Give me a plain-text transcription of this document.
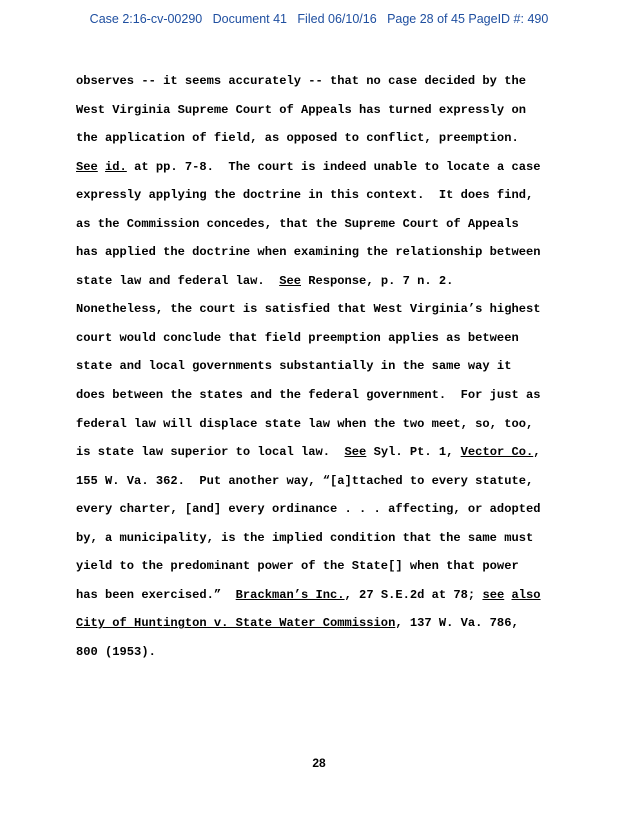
Case 2:16-cv-00290   Document 41   Filed 06/10/16   Page 28 of 45 PageID #: 490
observes -- it seems accurately -- that no case decided by the
West Virginia Supreme Court of Appeals has turned expressly on
the application of field, as opposed to conflict, preemption.
See id. at pp. 7-8.  The court is indeed unable to locate a case
expressly applying the doctrine in this context.  It does find,
as the Commission concedes, that the Supreme Court of Appeals
has applied the doctrine when examining the relationship between
state law and federal law.  See Response, p. 7 n. 2.
Nonetheless, the court is satisfied that West Virginia’s highest
court would conclude that field preemption applies as between
state and local governments substantially in the same way it
does between the states and the federal government.  For just as
federal law will displace state law when the two meet, so, too,
is state law superior to local law.  See Syl. Pt. 1, Vector Co.,
155 W. Va. 362.  Put another way, “[a]ttached to every statute,
every charter, [and] every ordinance . . . affecting, or adopted
by, a municipality, is the implied condition that the same must
yield to the predominant power of the State[] when that power
has been exercised.”  Brackman’s Inc., 27 S.E.2d at 78; see also
City of Huntington v. State Water Commission, 137 W. Va. 786,
800 (1953).
28
